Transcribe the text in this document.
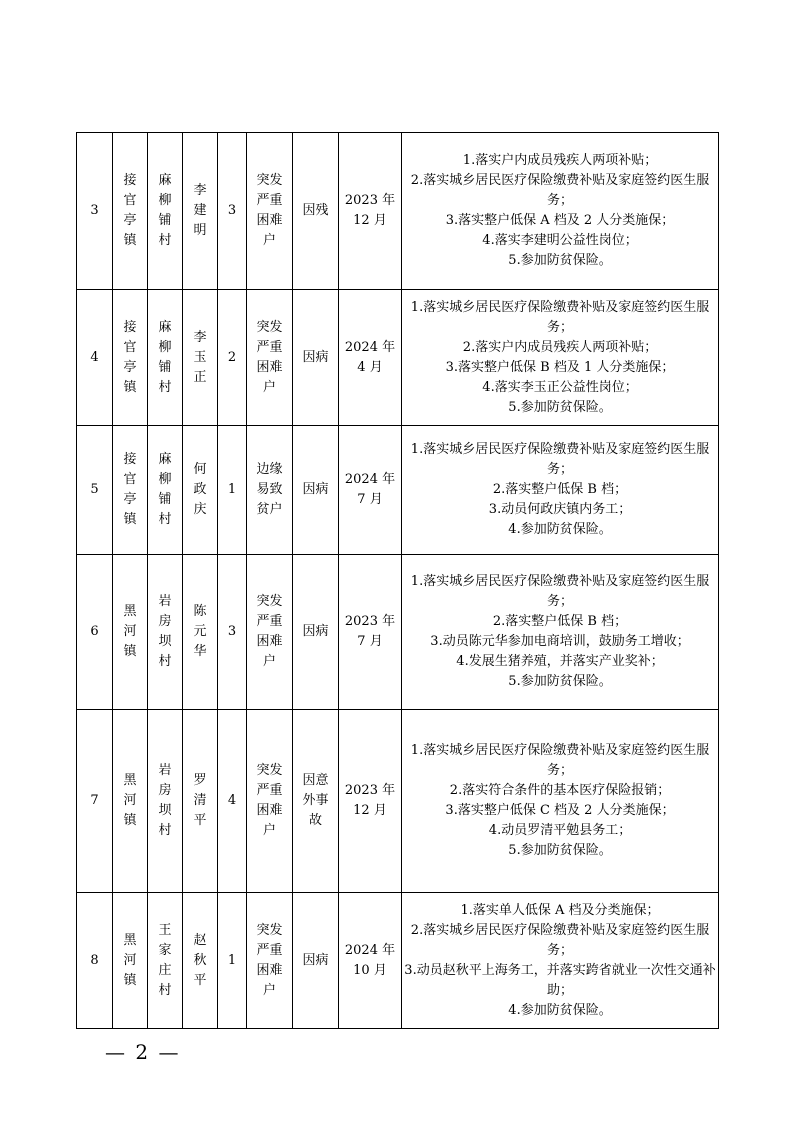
3	接官亭镇	麻柳铺村	李建明	3	突发严重困难户	因残	2023 年 12 月	1.落实户内成员残疾人两项补贴；
2.落实城乡居民医疗保险缴费补贴及家庭签约医生服务；
3.落实整户低保 A 档及 2 人分类施保；
4.落实李建明公益性岗位；
5.参加防贫保险。

4	接官亭镇	麻柳铺村	李玉正	2	突发严重困难户	因病	2024 年 4 月	1.落实城乡居民医疗保险缴费补贴及家庭签约医生服务；
2.落实户内成员残疾人两项补贴；
3.落实整户低保 B 档及 1 人分类施保；
4.落实李玉正公益性岗位；
5.参加防贫保险。

5	接官亭镇	麻柳铺村	何政庆	1	边缘易致贫户	因病	2024 年 7 月	1.落实城乡居民医疗保险缴费补贴及家庭签约医生服务；
2.落实整户低保 B 档；
3.动员何政庆镇内务工；
4.参加防贫保险。

6	黑河镇	岩房坝村	陈元华	3	突发严重困难户	因病	2023 年 7 月	1.落实城乡居民医疗保险缴费补贴及家庭签约医生服务；
2.落实整户低保 B 档；
3.动员陈元华参加电商培训，鼓励务工增收；
4.发展生猪养殖，并落实产业奖补；
5.参加防贫保险。

7	黑河镇	岩房坝村	罗清平	4	突发严重困难户	因意外事故	2023 年 12 月	1.落实城乡居民医疗保险缴费补贴及家庭签约医生服务；
2.落实符合条件的基本医疗保险报销；
3.落实整户低保 C 档及 2 人分类施保；
4.动员罗清平勉县务工；
5.参加防贫保险。

8	黑河镇	王家庄村	赵秋平	1	突发严重困难户	因病	2024 年 10 月	1.落实单人低保 A 档及分类施保；
2.落实城乡居民医疗保险缴费补贴及家庭签约医生服务；
3.动员赵秋平上海务工，并落实跨省就业一次性交通补助；
4.参加防贫保险。
— 2 —
